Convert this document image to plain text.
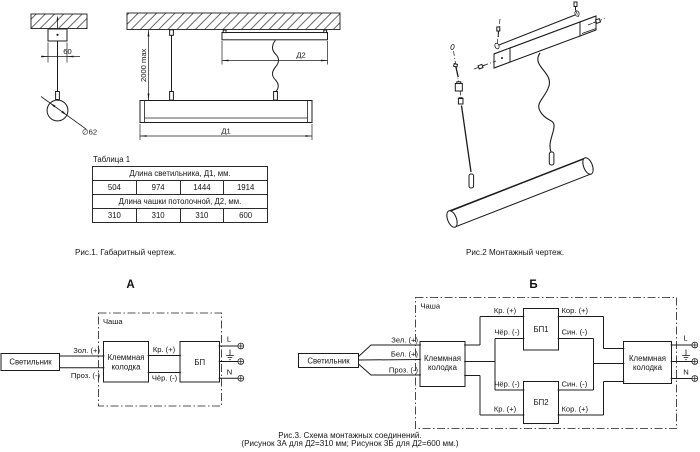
60
∅62
2000 max	Д2
Д1
А
Чаша
Светильник
Зол. (+)
Проз. (-)
Клеммная
колодка
Кр. (+)
Чёр. (-)
БП
L
N
Б
Чаша
Светильник
Зел. (+)
Бел. (+)
Проз. (-)
Клеммная
колодка
Кр. (+)
Чёр. (-)
Чёр. (-)
Кр. (+)
БП1
БП2
Кор. (+)
Син. (-)
Син. (-)
Кор. (+)
Клеммная
колодка
L
N
Таблица 1
Длина светильника, Д1, мм.			
504	974	1444	1914
Длина чашки потолочной, Д2, мм.			
310	310	310	600
Рис.1. Габаритный чертеж.	Рис.2 Монтажный чертеж.
Рис.3. Схема монтажных соединений.
(Рисунок 3А для Д2=310 мм; Рисунок 3Б для Д2=600 мм.)
